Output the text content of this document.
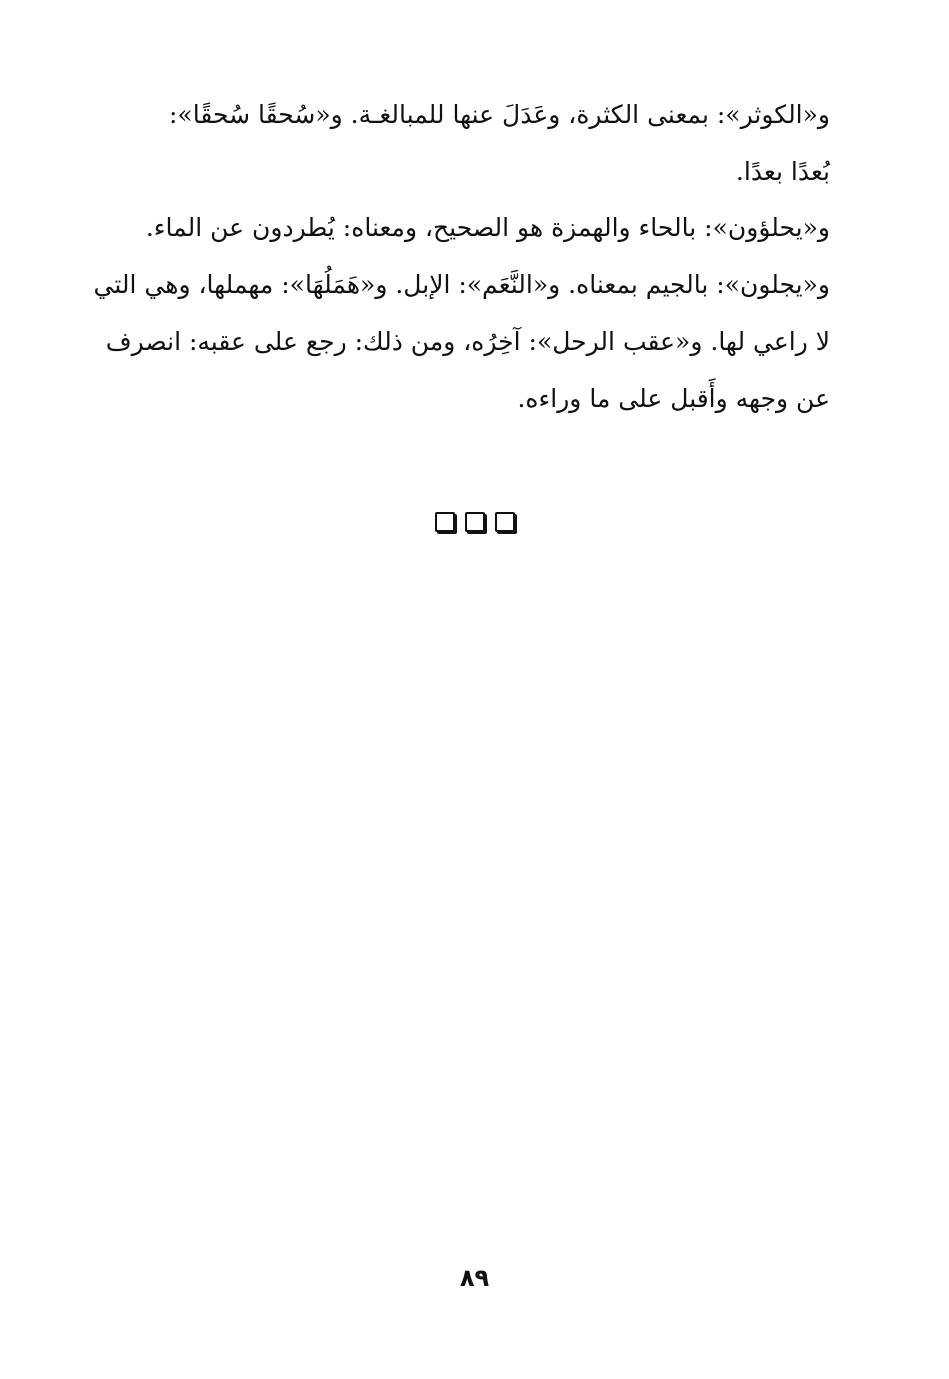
و«الكوثر»: بمعنى الكثرة، وعَدَلَ عنها للمبالغـة. و«سُحقًا سُحقًا»:
بُعدًا بعدًا.
و«يحلؤون»: بالحاء والهمزة هو الصحيح، ومعناه: يُطردون عن الماء.
و«يجلون»: بالجيم بمعناه. و«النَّعَم»: الإبل. و«هَمَلُهَا»: مهملها، وهي التي
لا راعي لها. و«عقب الرحل»: آخِرُه، ومن ذلك: رجع على عقبه: انصرف
عن وجهه وأَقبل على ما وراءه.
٨٩
